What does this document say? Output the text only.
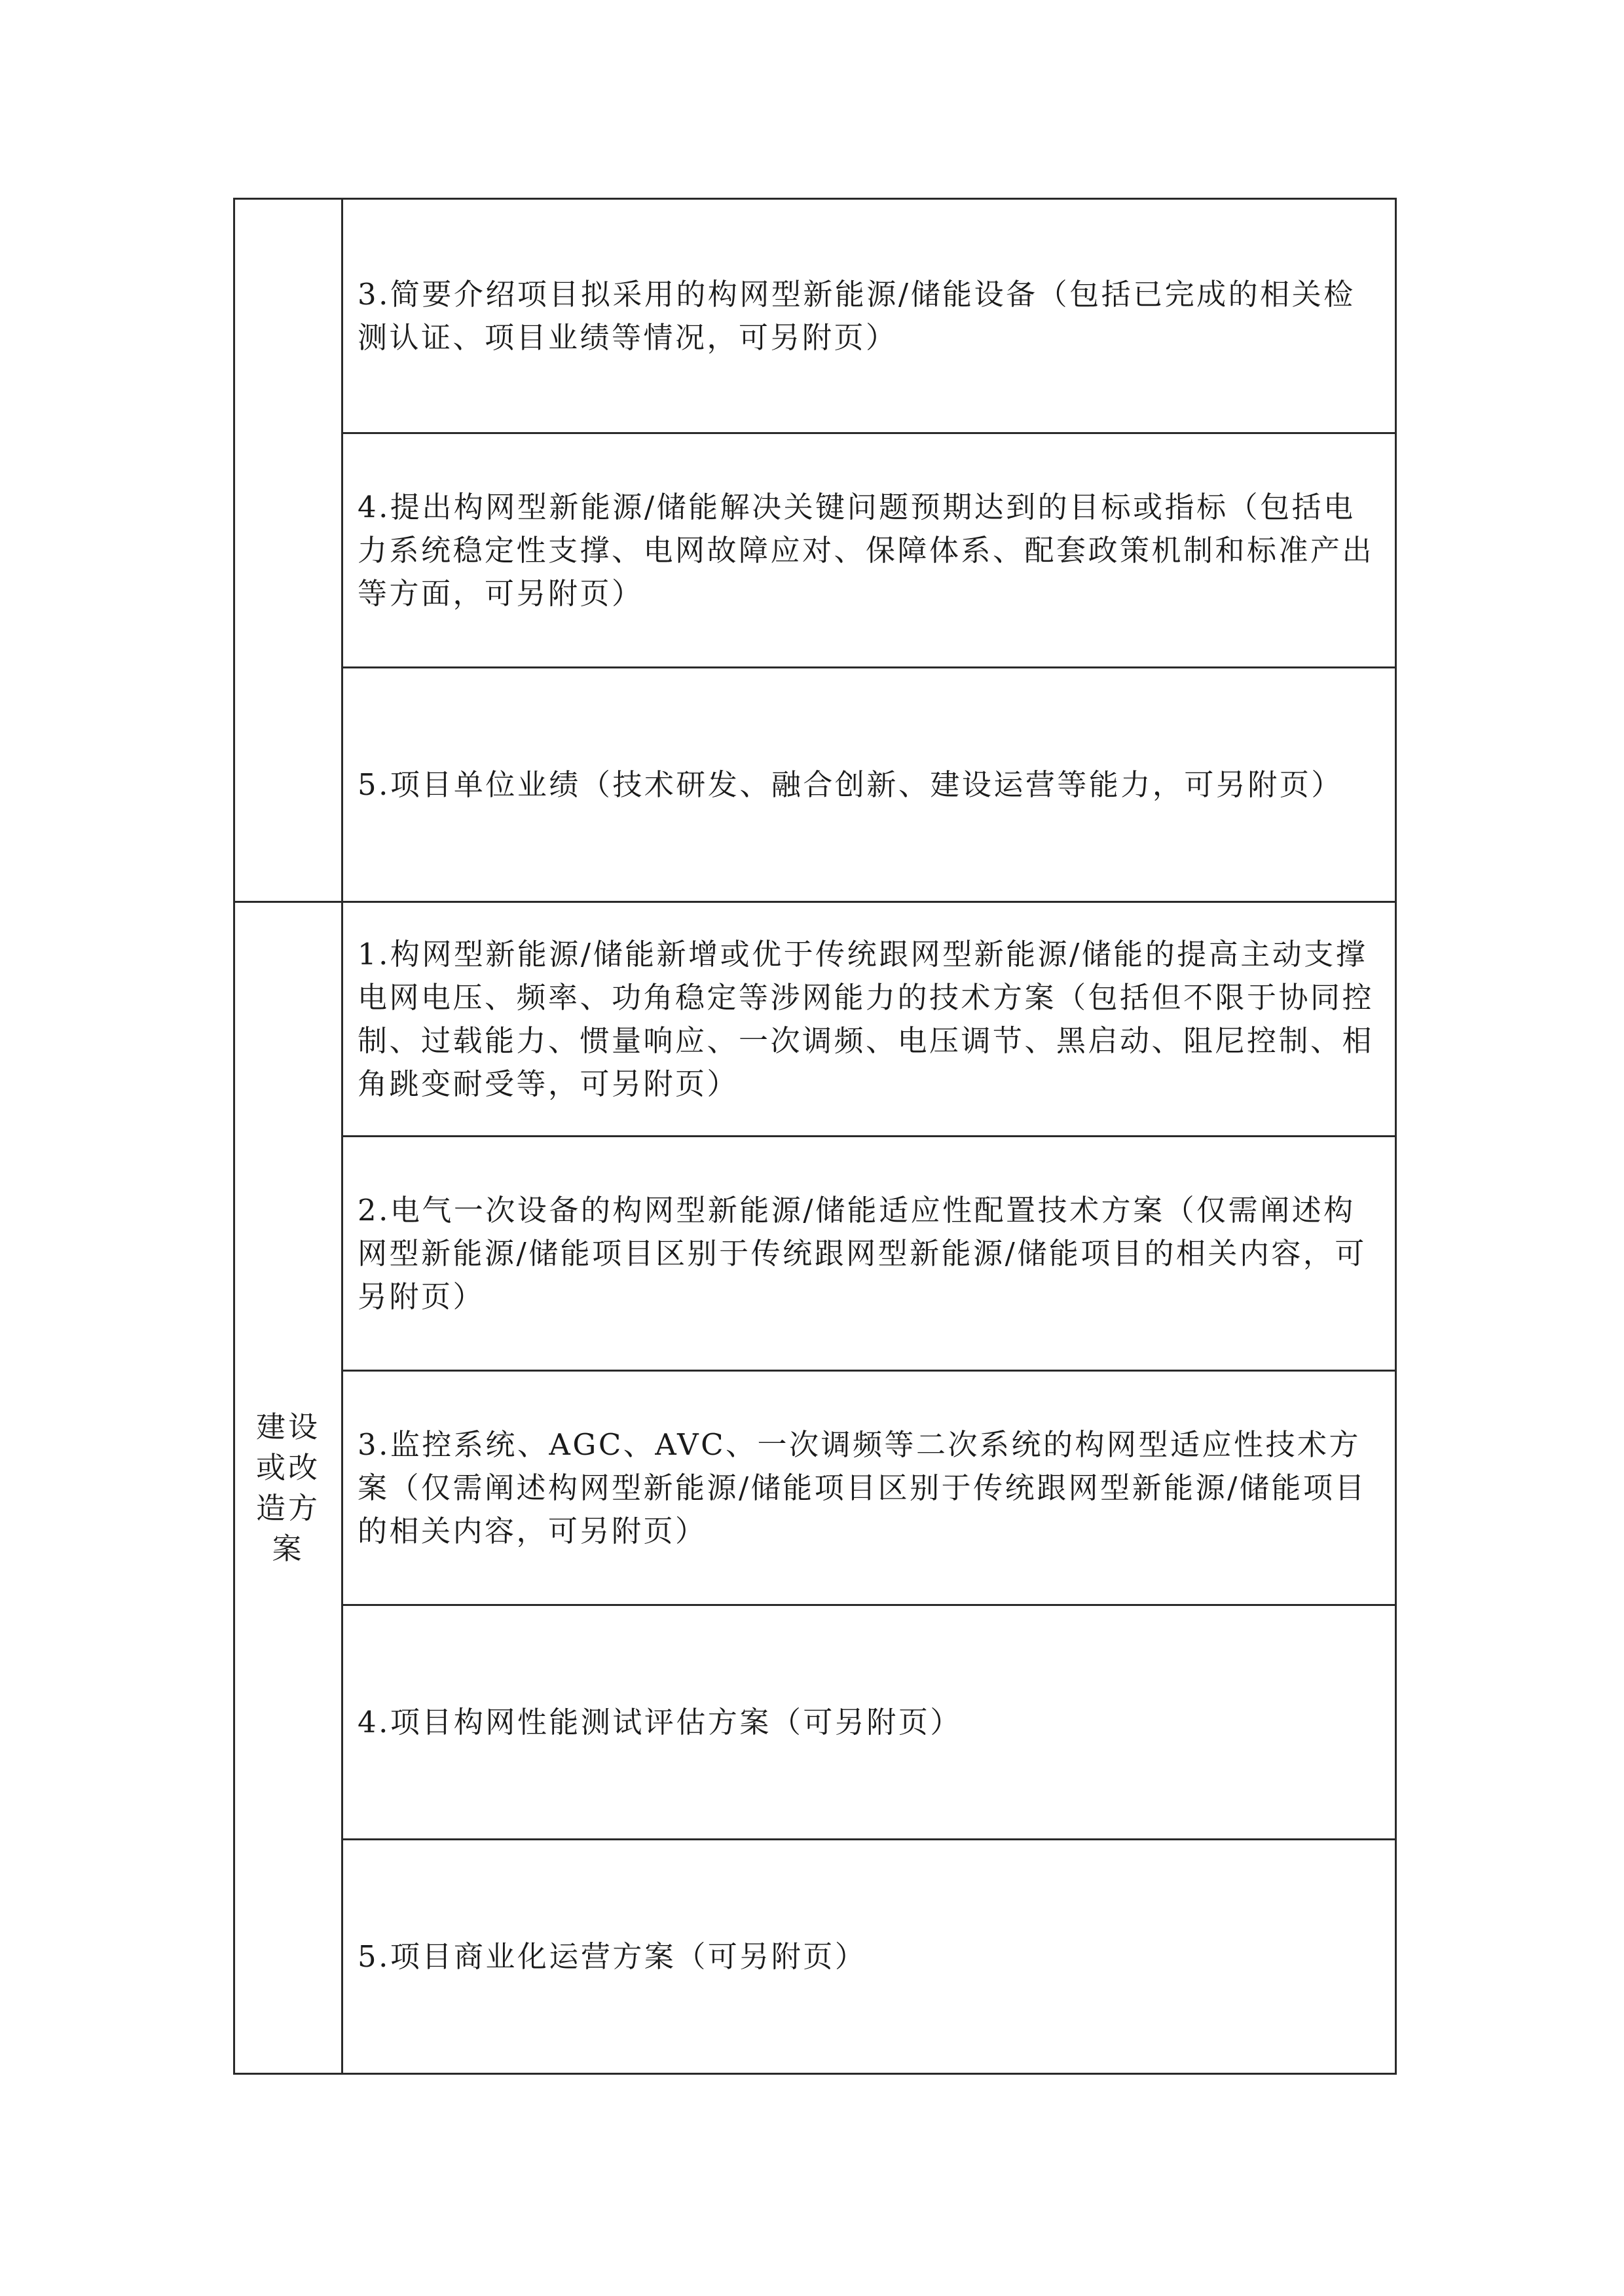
	3.简要介绍项目拟采用的构网型新能源/储能设备（包括已完成的相关检测认证、项目业绩等情况，可另附页）

	4.提出构网型新能源/储能解决关键问题预期达到的目标或指标（包括电力系统稳定性支撑、电网故障应对、保障体系、配套政策机制和标准产出等方面，可另附页）

	5.项目单位业绩（技术研发、融合创新、建设运营等能力，可另附页）

建设或改造方案	1.构网型新能源/储能新增或优于传统跟网型新能源/储能的提高主动支撑电网电压、频率、功角稳定等涉网能力的技术方案（包括但不限于协同控制、过载能力、惯量响应、一次调频、电压调节、黑启动、阻尼控制、相角跳变耐受等，可另附页）

	2.电气一次设备的构网型新能源/储能适应性配置技术方案（仅需阐述构网型新能源/储能项目区别于传统跟网型新能源/储能项目的相关内容，可另附页）

	3.监控系统、AGC、AVC、一次调频等二次系统的构网型适应性技术方案（仅需阐述构网型新能源/储能项目区别于传统跟网型新能源/储能项目的相关内容，可另附页）

	4.项目构网性能测试评估方案（可另附页）

	5.项目商业化运营方案（可另附页）
